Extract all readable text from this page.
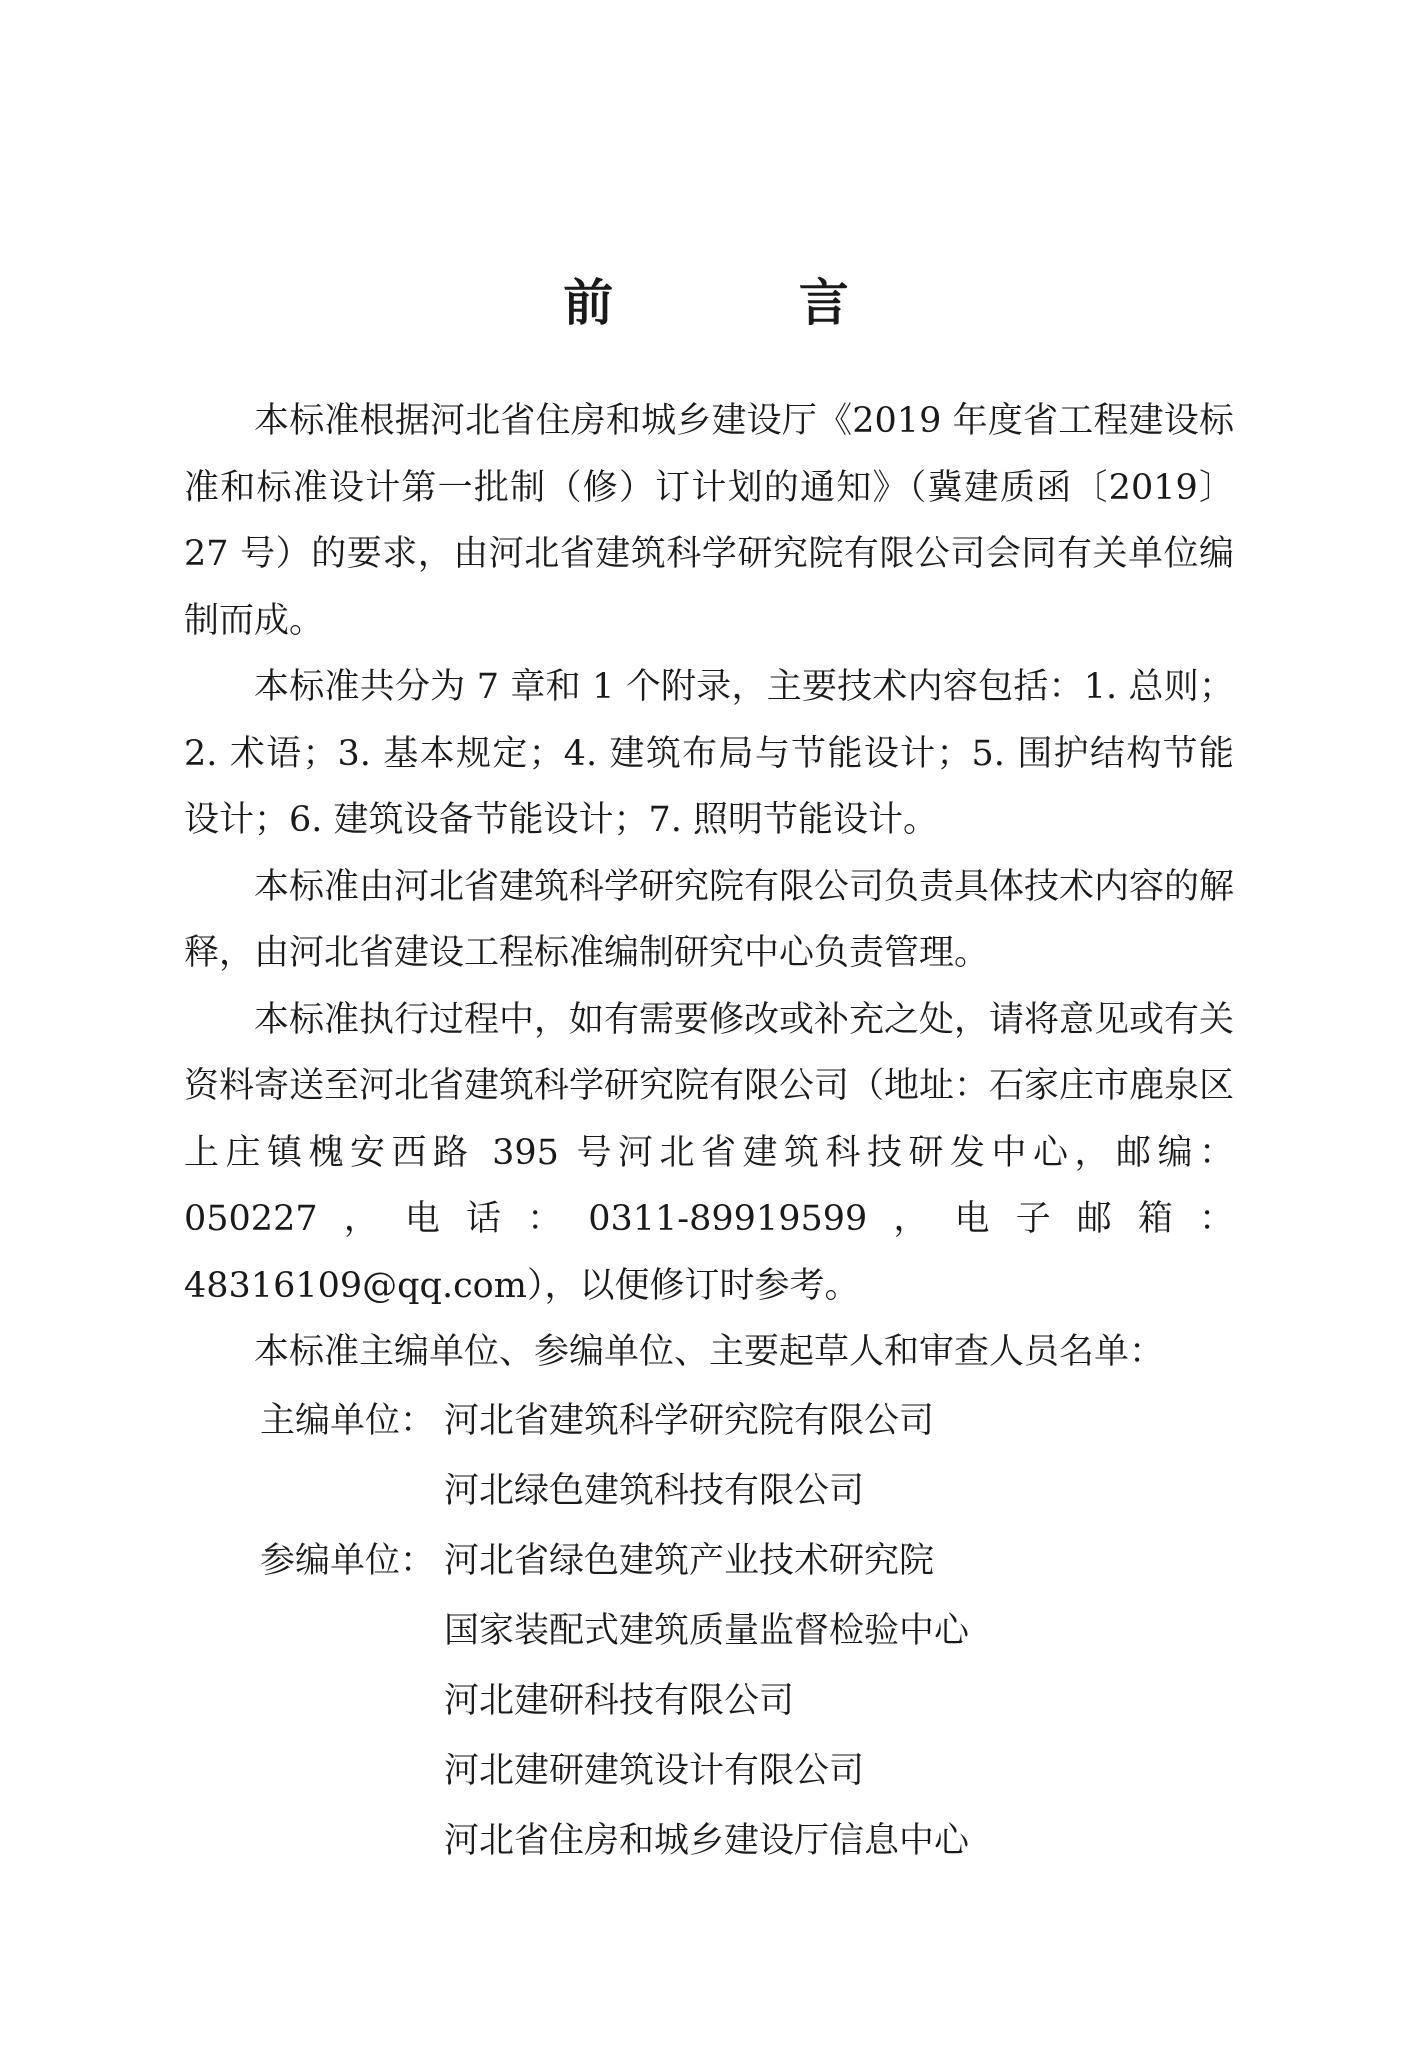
前 言

本标准根据河北省住房和城乡建设厅《2019 年度省工程建设标准和标准设计第一批制（修）订计划的通知》（冀建质函〔2019〕27 号）的要求，由河北省建筑科学研究院有限公司会同有关单位编制而成。

本标准共分为 7 章和 1 个附录，主要技术内容包括：1. 总则；2. 术语；3. 基本规定；4. 建筑布局与节能设计；5. 围护结构节能设计；6. 建筑设备节能设计；7. 照明节能设计。

本标准由河北省建筑科学研究院有限公司负责具体技术内容的解释，由河北省建设工程标准编制研究中心负责管理。

本标准执行过程中，如有需要修改或补充之处，请将意见或有关资料寄送至河北省建筑科学研究院有限公司（地址：石家庄市鹿泉区上庄镇槐安西路 395 号河北省建筑科技研发中心，邮编：050227，电话：0311-89919599，电子邮箱：48316109@qq.com），以便修订时参考。

本标准主编单位、参编单位、主要起草人和审查人员名单：

主编单位： 河北省建筑科学研究院有限公司
河北绿色建筑科技有限公司
参编单位： 河北省绿色建筑产业技术研究院
国家装配式建筑质量监督检验中心
河北建研科技有限公司
河北建研建筑设计有限公司
河北省住房和城乡建设厅信息中心
